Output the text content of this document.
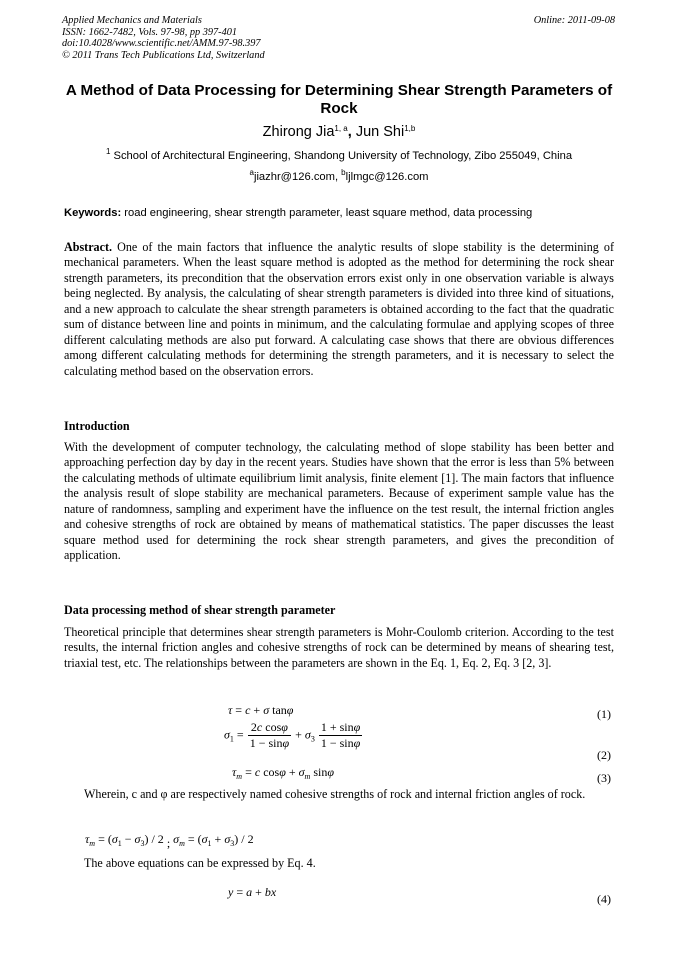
Applied Mechanics and Materials
ISSN: 1662-7482, Vols. 97-98, pp 397-401
doi:10.4028/www.scientific.net/AMM.97-98.397
© 2011 Trans Tech Publications Ltd, Switzerland
Online: 2011-09-08
A Method of Data Processing for Determining Shear Strength Parameters of Rock
Zhirong Jia$^{1, a}$, Jun Shi$^{1,b}$
$^1$ School of Architectural Engineering, Shandong University of Technology, Zibo 255049, China
$^a$jiazhr@126.com, $^b$ljlmgc@126.com
Keywords: road engineering, shear strength parameter, least square method, data processing
Abstract. One of the main factors that influence the analytic results of slope stability is the determining of mechanical parameters. When the least square method is adopted as the method for determining the rock shear strength parameters, its precondition that the observation errors exist only in one observation variable is always being neglected. By analysis, the calculating of shear strength parameters is divided into three kind of situations, and a new approach to calculate the shear strength parameters is obtained according to the fact that the quadratic sum of distance between line and points in minimum, and the calculating formulae and applying scopes of three different calculating methods are also put forward. A calculating case shows that there are obvious differences among different calculating methods for determining the strength parameters, and it is necessary to select the calculating method based on the observation errors.
Introduction
With the development of computer technology, the calculating method of slope stability has been better and approaching perfection day by day in the recent years. Studies have shown that the error is less than 5% between the calculating methods of ultimate equilibrium limit analysis, finite element [1]. The main factors that influence the analysis result of slope stability are mechanical parameters. Because of experiment sample value has the nature of randomness, sampling and experiment have the influence on the test result, the internal friction angles and cohesive strengths of rock are obtained by means of mathematical statistics. The paper discusses the least square method used for determining the rock shear strength parameters, and gives the precondition of application.
Data processing method of shear strength parameter
Theoretical principle that determines shear strength parameters is Mohr-Coulomb criterion. According to the test results, the internal friction angles and cohesive strengths of rock can be determined by means of shearing test, triaxial test, etc. The relationships between the parameters are shown in the Eq. 1, Eq. 2, Eq. 3 [2, 3].
τ = c + σ tanφ	(1)
$\sigma_1 = \frac{\text{2c cosφ}}{1 - \sin\varphi} + \sigma_3 \frac{1 + \sin\varphi}{1 - \sin\varphi}$
(2)
$\tau_m = c$ $\cos\varphi + \sigma_m$ sinφ	(3)
Wherein, c and φ are respectively named cohesive strengths of rock and internal friction angles of rock.
$\tau_m = (\sigma_1 - \sigma_3) / 2$ ; $\sigma_m = (\sigma_1 + \sigma_3) / 2$
The above equations can be expressed by Eq. 4.
y = a + bx	(4)
